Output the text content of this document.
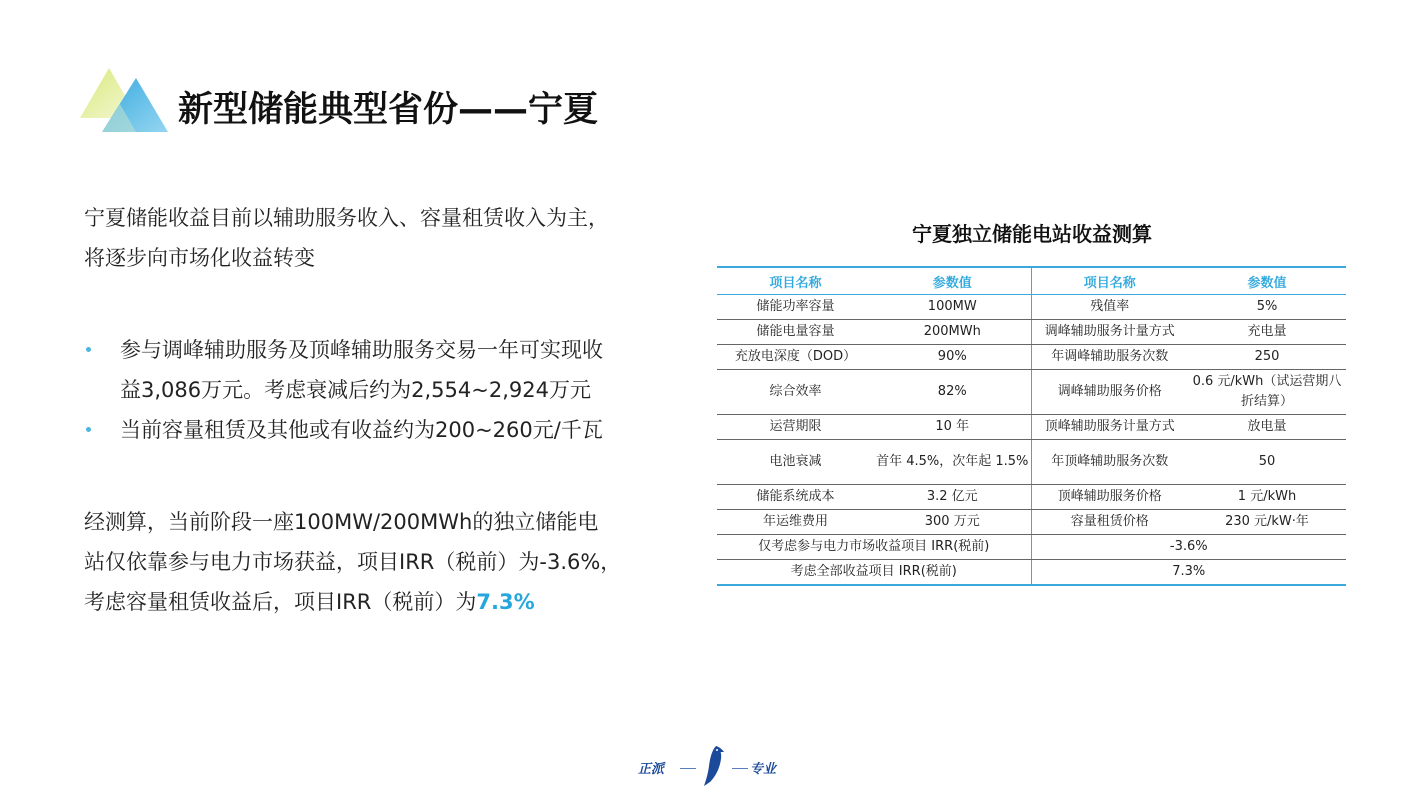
新型储能典型省份——宁夏
宁夏储能收益目前以辅助服务收入、容量租赁收入为主，
将逐步向市场化收益转变
参与调峰辅助服务及顶峰辅助服务交易一年可实现收
益3,086万元。考虑衰减后约为2,554~2,924万元
当前容量租赁及其他或有收益约为200~260元/千瓦
经测算，当前阶段一座100MW/200MWh的独立储能电
站仅依靠参与电力市场获益，项目IRR（税前）为-3.6%，
考虑容量租赁收益后，项目IRR（税前）为7.3%
宁夏独立储能电站收益测算
项目名称	参数值	项目名称	参数值
储能功率容量	100MW	残值率	5%
储能电量容量	200MWh	调峰辅助服务计量方式	充电量
充放电深度（DOD）	90%	年调峰辅助服务次数	250
综合效率	82%	调峰辅助服务价格	0.6 元/kWh（试运营期八折结算）
运营期限	10 年	顶峰辅助服务计量方式	放电量
电池衰减	首年 4.5%，次年起 1.5%	年顶峰辅助服务次数	50
储能系统成本	3.2 亿元	顶峰辅助服务价格	1 元/kWh
年运维费用	300 万元	容量租赁价格	230 元/kW·年
仅考虑参与电力市场收益项目 IRR(税前)		-3.6%	
考虑全部收益项目 IRR(税前)		7.3%	
正派	专业
